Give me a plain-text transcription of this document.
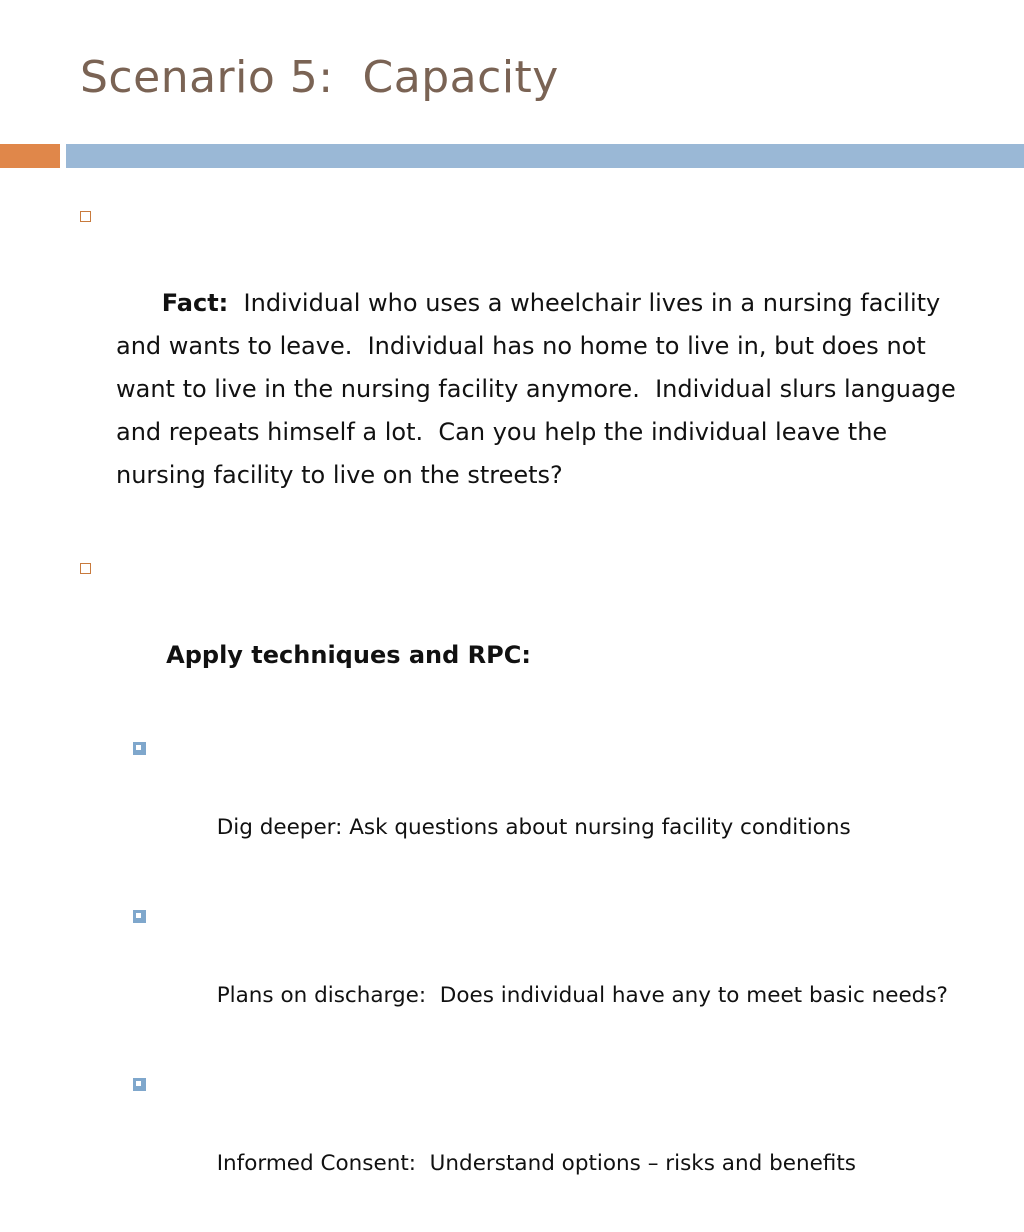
Scenario 5:  Capacity

Fact:  Individual who uses a wheelchair lives in a nursing facility and wants to leave.  Individual has no home to live in, but does not want to live in the nursing facility anymore.  Individual slurs language and repeats himself a lot.  Can you help the individual leave the nursing facility to live on the streets?

Apply techniques and RPC:

Dig deeper: Ask questions about nursing facility conditions

Plans on discharge:  Does individual have any to meet basic needs?

Informed Consent:  Understand options – risks and benefits
